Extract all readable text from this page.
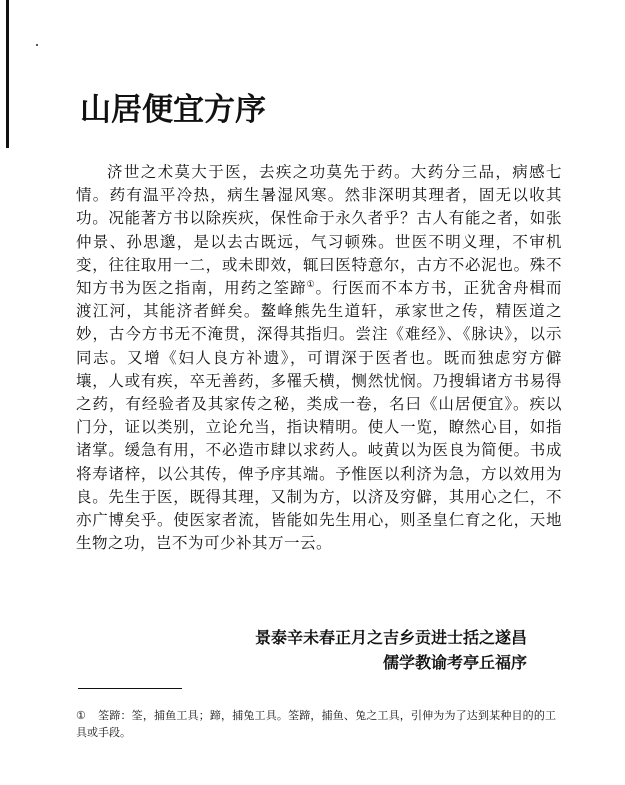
山居便宜方序

济世之术莫大于医，去疾之功莫先于药。大药分三品，病感七情。药有温平冷热，病生暑湿风寒。然非深明其理者，固无以收其功。况能著方书以除疾疢，保性命于永久者乎？古人有能之者，如张仲景、孙思邈，是以去古既远，气习顿殊。世医不明义理，不审机变，往往取用一二，或未即效，辄曰医特意尔，古方不必泥也。殊不知方书为医之指南，用药之筌蹄①。行医而不本方书，正犹舍舟楫而渡江河，其能济者鲜矣。鳌峰熊先生道轩，承家世之传，精医道之妙，古今方书无不淹贯，深得其指归。尝注《难经》、《脉诀》，以示同志。又增《妇人良方补遗》，可谓深于医者也。既而独虑穷方僻壤，人或有疾，卒无善药，多罹夭横，恻然忧悯。乃搜辑诸方书易得之药，有经验者及其家传之秘，类成一卷，名曰《山居便宜》。疾以门分，证以类别，立论允当，指诀精明。使人一览，瞭然心目，如指诸掌。缓急有用，不必造市肆以求药人。岐黄以为医良为简便。书成将寿诸梓，以公其传，俾予序其端。予惟医以利济为急，方以效用为良。先生于医，既得其理，又制为方，以济及穷僻，其用心之仁，不亦广博矣乎。使医家者流，皆能如先生用心，则圣皇仁育之化，天地生物之功，岂不为可少补其万一云。

景泰辛未春正月之吉乡贡进士括之遂昌
儒学教谕考亭丘福序
① 筌蹄：筌，捕鱼工具；蹄，捕兔工具。筌蹄，捕鱼、兔之工具，引伸为为了达到某种目的的工具或手段。
